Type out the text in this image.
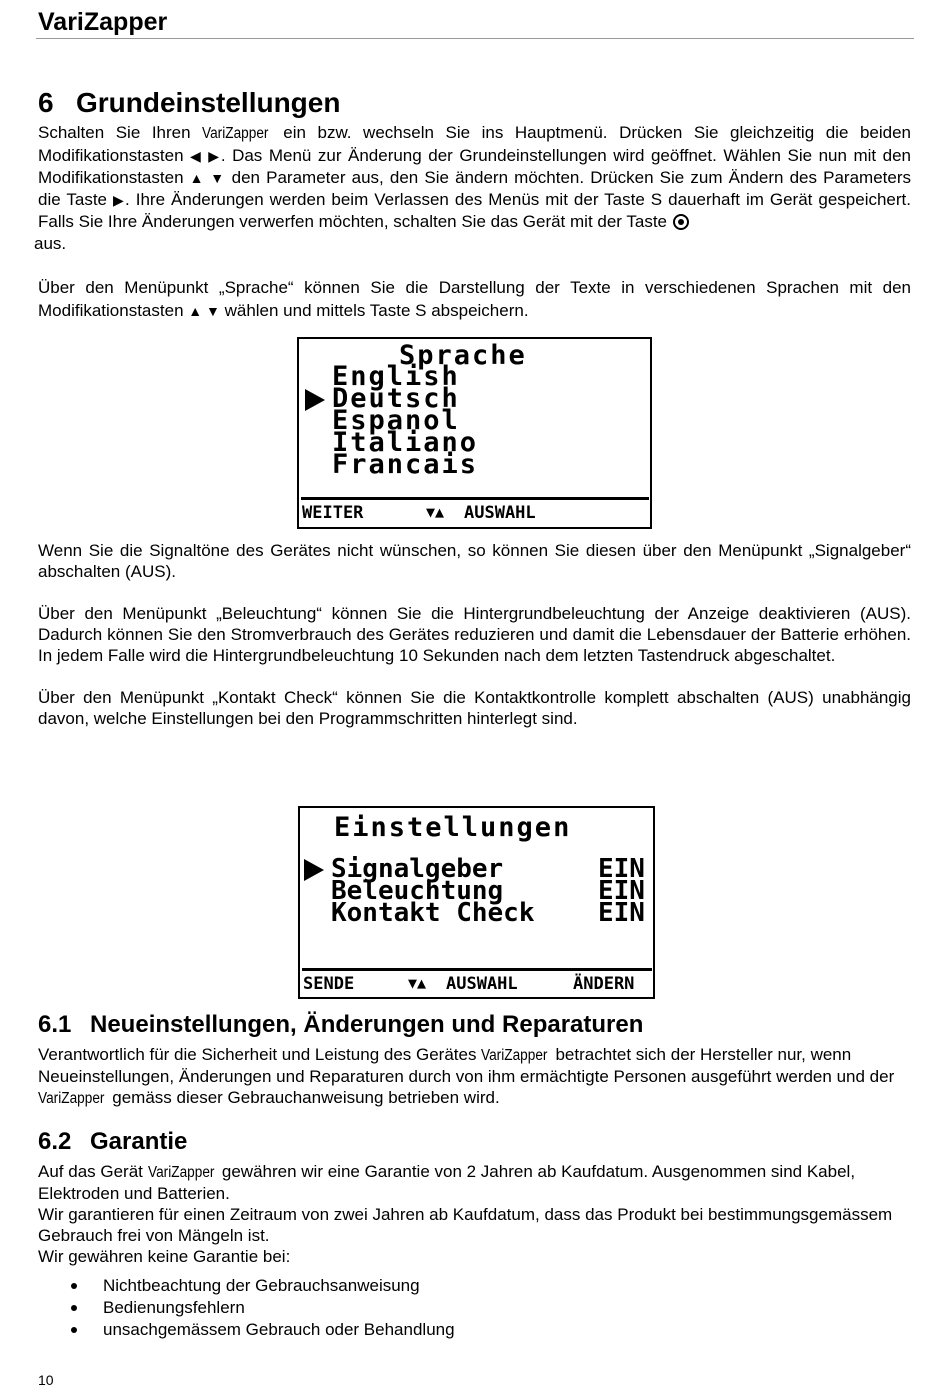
VariZapper
6 Grundeinstellungen

Schalten Sie Ihren VariZapper ein bzw. wechseln Sie ins Hauptmenü. Drücken Sie gleichzeitig die beiden Modifikationstasten ◀ ▶. Das Menü zur Änderung der Grundeinstellungen wird geöffnet. Wählen Sie nun mit den Modifikationstasten ▲ ▼ den Parameter aus, den Sie ändern möchten. Drücken Sie zum Ändern des Parameters die Taste ▶. Ihre Änderungen werden beim Verlassen des Menüs mit der Taste S dauerhaft im Gerät gespeichert. Falls Sie Ihre Änderungen verwerfen möchten, schalten Sie das Gerät mit der Taste
aus.

Über den Menüpunkt „Sprache“ können Sie die Darstellung der Texte in verschiedenen Sprachen mit den Modifikationstasten ▲ ▼ wählen und mittels Taste S abspeichern.

Sprache
English
Deutsch
Espanol
Italiano
Francais
WEITER	▼▲ AUSWAHL

Wenn Sie die Signaltöne des Gerätes nicht wünschen, so können Sie diesen über den Menüpunkt „Signalgeber“ abschalten (AUS).

Über den Menüpunkt „Beleuchtung“ können Sie die Hintergrundbeleuchtung der Anzeige deaktivieren (AUS). Dadurch können Sie den Stromverbrauch des Gerätes reduzieren und damit die Lebensdauer der Batterie erhöhen. In jedem Falle wird die Hintergrundbeleuchtung 10 Sekunden nach dem letzten Tastendruck abgeschaltet.

Über den Menüpunkt „Kontakt Check“ können Sie die Kontaktkontrolle komplett abschalten (AUS) unabhängig davon, welche Einstellungen bei den Programmschritten hinterlegt sind.

Einstellungen
Signalgeber	EIN
Beleuchtung	EIN
Kontakt Check EIN
SENDE	▼▲ AUSWAHL	ÄNDERN
6.1 Neueinstellungen, Änderungen und Reparaturen

Verantwortlich für die Sicherheit und Leistung des Gerätes VariZapper betrachtet sich der Hersteller nur, wenn Neueinstellungen, Änderungen und Reparaturen durch von ihm ermächtigte Personen ausgeführt werden und der VariZapper gemäss dieser Gebrauchanweisung betrieben wird.

6.2 Garantie

Auf das Gerät VariZapper gewähren wir eine Garantie von 2 Jahren ab Kaufdatum. Ausgenommen sind Kabel, Elektroden und Batterien.

Wir garantieren für einen Zeitraum von zwei Jahren ab Kaufdatum, dass das Produkt bei bestimmungsgemässem Gebrauch frei von Mängeln ist.

Wir gewähren keine Garantie bei:

Nichtbeachtung der Gebrauchsanweisung
Bedienungsfehlern
unsachgemässem Gebrauch oder Behandlung
10
